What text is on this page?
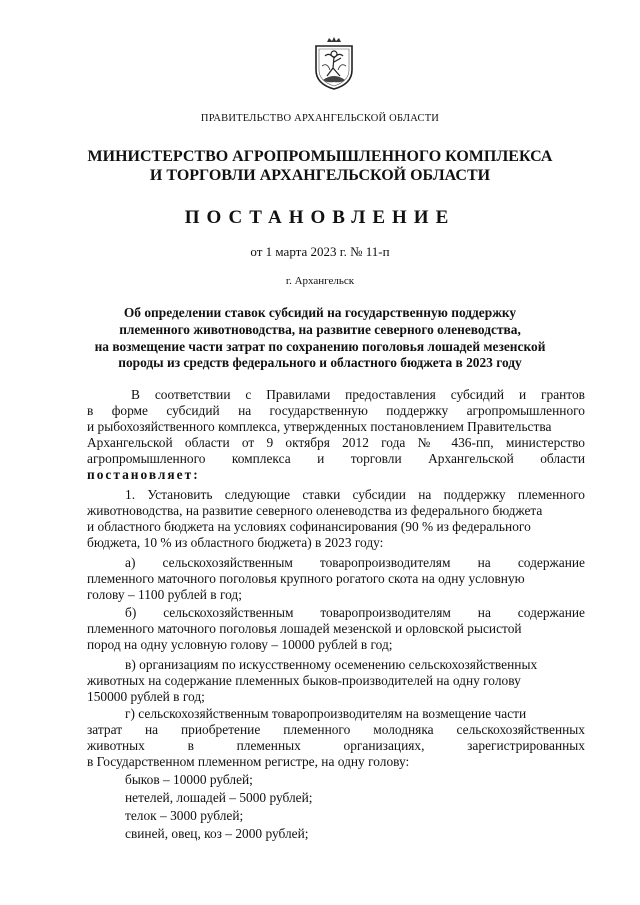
ПРАВИТЕЛЬСТВО АРХАНГЕЛЬСКОЙ ОБЛАСТИ
МИНИСТЕРСТВО АГРОПРОМЫШЛЕННОГО КОМПЛЕКСА
И ТОРГОВЛИ АРХАНГЕЛЬСКОЙ ОБЛАСТИ
ПОСТАНОВЛЕНИЕ
от 1 марта 2023 г. № 11-п
г. Архангельск
Об определении ставок субсидий на государственную поддержку
племенного животноводства, на развитие северного оленеводства,
на возмещение части затрат по сохранению поголовья лошадей мезенской
породы из средств федерального и областного бюджета в 2023 году
В соответствии с Правилами предоставления субсидий и грантов
в форме субсидий на государственную поддержку агропромышленного
и рыбохозяйственного комплекса, утвержденных постановлением Правительства
Архангельской области от 9 октября 2012 года № 436-пп, министерство
агропромышленного комплекса и торговли Архангельской области
постановляет:
1. Установить следующие ставки субсидии на поддержку племенного
животноводства, на развитие северного оленеводства из федерального бюджета
и областного бюджета на условиях софинансирования (90 % из федерального
бюджета, 10 % из областного бюджета) в 2023 году:
а) сельскохозяйственным товаропроизводителям на содержание
племенного маточного поголовья крупного рогатого скота на одну условную
голову – 1100 рублей в год;
б) сельскохозяйственным товаропроизводителям на содержание
племенного маточного поголовья лошадей мезенской и орловской рысистой
пород на одну условную голову – 10000 рублей в год;
в) организациям по искусственному осеменению сельскохозяйственных
животных на содержание племенных быков-производителей на одну голову
150000 рублей в год;
г) сельскохозяйственным товаропроизводителям на возмещение части
затрат на приобретение племенного молодняка сельскохозяйственных
животных в племенных организациях, зарегистрированных
в Государственном племенном регистре, на одну голову:
быков – 10000 рублей;
нетелей, лошадей – 5000 рублей;
телок – 3000 рублей;
свиней, овец, коз – 2000 рублей;
